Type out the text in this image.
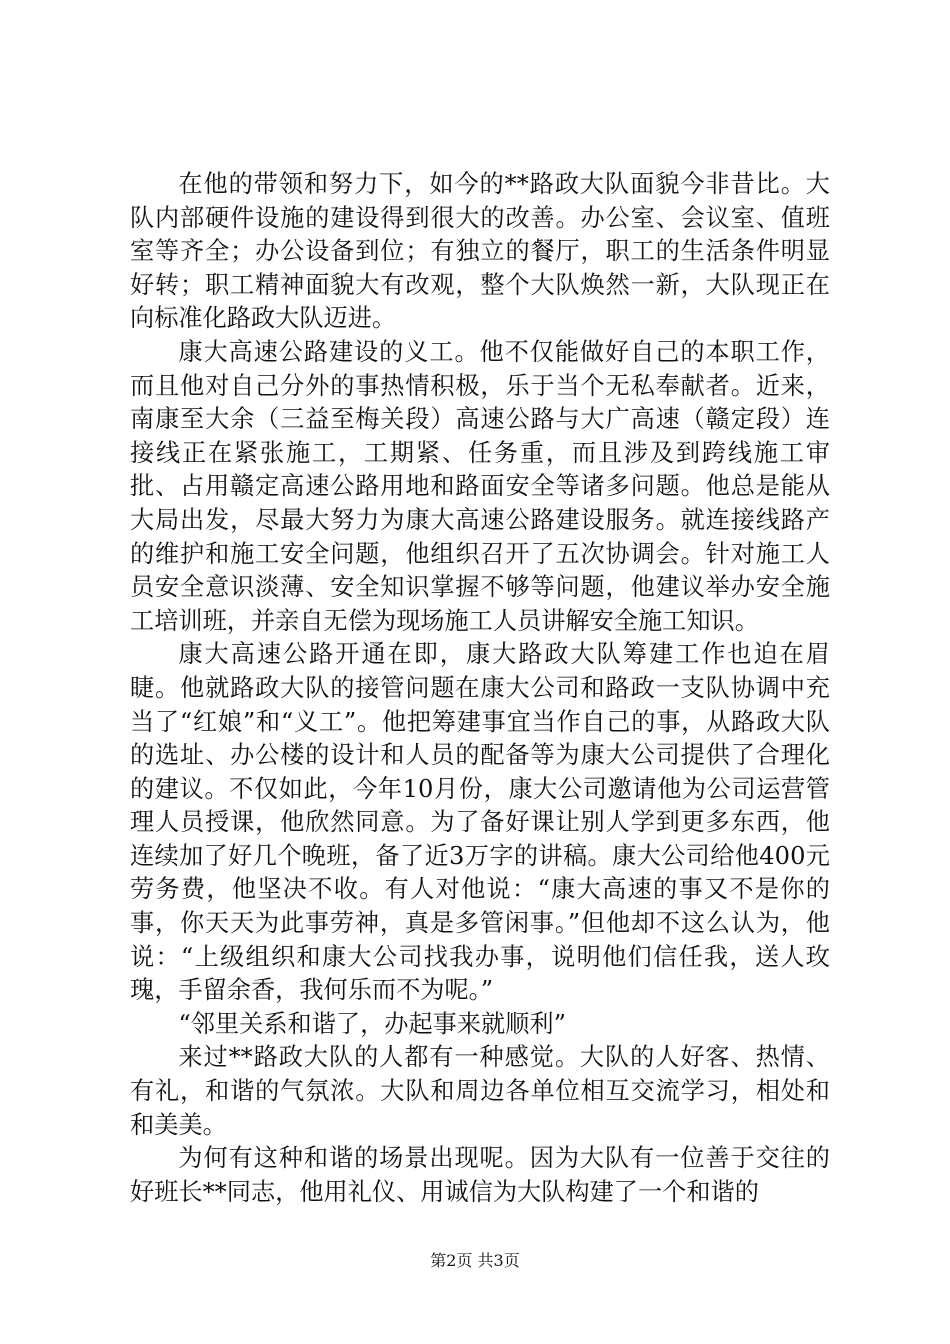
在他的带领和努力下，如今的**路政大队面貌今非昔比。大队内部硬件设施的建设得到很大的改善。办公室、会议室、值班室等齐全；办公设备到位；有独立的餐厅，职工的生活条件明显好转；职工精神面貌大有改观，整个大队焕然一新，大队现正在向标准化路政大队迈进。

康大高速公路建设的义工。他不仅能做好自己的本职工作，而且他对自己分外的事热情积极，乐于当个无私奉献者。近来，南康至大余（三益至梅关段）高速公路与大广高速（赣定段）连接线正在紧张施工，工期紧、任务重，而且涉及到跨线施工审批、占用赣定高速公路用地和路面安全等诸多问题。他总是能从大局出发，尽最大努力为康大高速公路建设服务。就连接线路产的维护和施工安全问题，他组织召开了五次协调会。针对施工人员安全意识淡薄、安全知识掌握不够等问题，他建议举办安全施工培训班，并亲自无偿为现场施工人员讲解安全施工知识。

康大高速公路开通在即，康大路政大队筹建工作也迫在眉睫。他就路政大队的接管问题在康大公司和路政一支队协调中充当了“红娘”和“义工”。他把筹建事宜当作自己的事，从路政大队的选址、办公楼的设计和人员的配备等为康大公司提供了合理化的建议。不仅如此，今年10月份，康大公司邀请他为公司运营管理人员授课，他欣然同意。为了备好课让别人学到更多东西，他连续加了好几个晚班，备了近3万字的讲稿。康大公司给他400元劳务费，他坚决不收。有人对他说：“康大高速的事又不是你的事，你天天为此事劳神，真是多管闲事。”但他却不这么认为，他说：“上级组织和康大公司找我办事，说明他们信任我，送人玫瑰，手留余香，我何乐而不为呢。”

“邻里关系和谐了，办起事来就顺利”

来过**路政大队的人都有一种感觉。大队的人好客、热情、有礼，和谐的气氛浓。大队和周边各单位相互交流学习，相处和和美美。

为何有这种和谐的场景出现呢。因为大队有一位善于交往的好班长**同志，他用礼仪、用诚信为大队构建了一个和谐的

第2页 共3页
